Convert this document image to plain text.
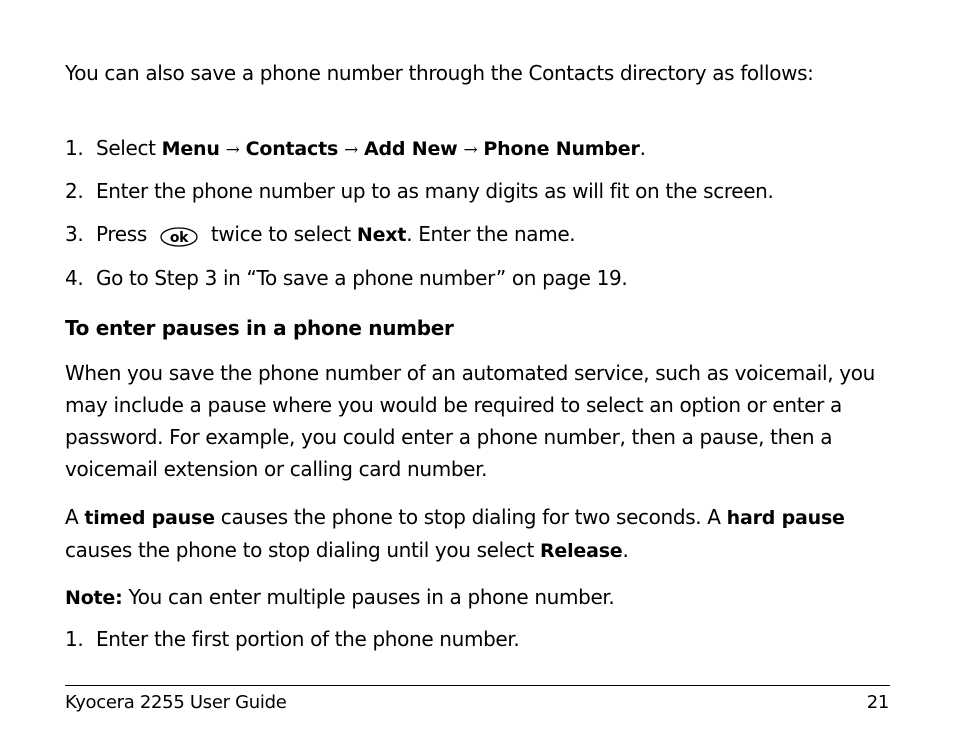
You can also save a phone number through the Contacts directory as follows:

1. Select Menu → Contacts → Add New → Phone Number.
2. Enter the phone number up to as many digits as will fit on the screen.
3. Press ok twice to select Next. Enter the name.
4. Go to Step 3 in “To save a phone number” on page 19.
To enter pauses in a phone number

When you save the phone number of an automated service, such as voicemail, you may include a pause where you would be required to select an option or enter a password. For example, you could enter a phone number, then a pause, then a voicemail extension or calling card number.

A timed pause causes the phone to stop dialing for two seconds. A hard pause causes the phone to stop dialing until you select Release.

Note: You can enter multiple pauses in a phone number.

1. Enter the first portion of the phone number.
Kyocera 2255 User Guide	21
